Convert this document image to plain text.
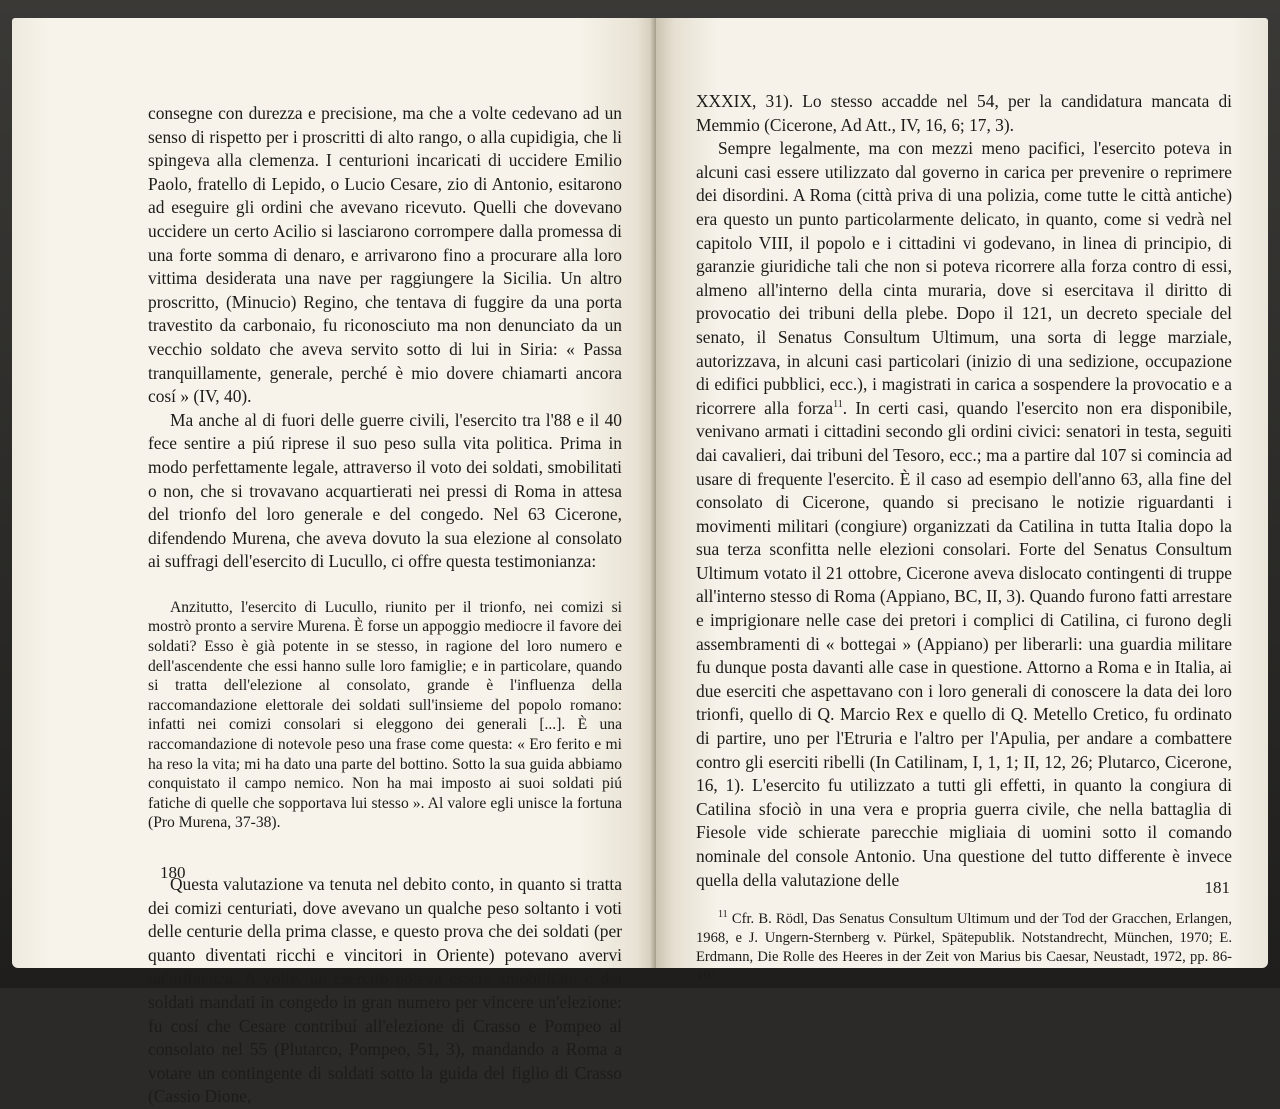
consegne con durezza e precisione, ma che a volte cedevano ad un senso di rispetto per i proscritti di alto rango, o alla cupidigia, che li spingeva alla clemenza. I centurioni incaricati di uccidere Emilio Paolo, fratello di Lepido, o Lucio Cesare, zio di Antonio, esitarono ad eseguire gli ordini che avevano ricevuto. Quelli che dovevano uccidere un certo Acilio si lasciarono corrompere dalla promessa di una forte somma di denaro, e arrivarono fino a procurare alla loro vittima desiderata una nave per raggiungere la Sicilia. Un altro proscritto, (Minucio) Regino, che tentava di fuggire da una porta travestito da carbonaio, fu riconosciuto ma non denunciato da un vecchio soldato che aveva servito sotto di lui in Siria: « Passa tranquillamente, generale, perché è mio dovere chiamarti ancora cosí » (IV, 40).

Ma anche al di fuori delle guerre civili, l'esercito tra l'88 e il 40 fece sentire a piú riprese il suo peso sulla vita politica. Prima in modo perfettamente legale, attraverso il voto dei soldati, smobilitati o non, che si trovavano acquartierati nei pressi di Roma in attesa del trionfo del loro generale e del congedo. Nel 63 Cicerone, difendendo Murena, che aveva dovuto la sua elezione al consolato ai suffragi dell'esercito di Lucullo, ci offre questa testimonianza:

Anzitutto, l'esercito di Lucullo, riunito per il trionfo, nei comizi si mostrò pronto a servire Murena. È forse un appoggio mediocre il favore dei soldati? Esso è già potente in se stesso, in ragione del loro numero e dell'ascendente che essi hanno sulle loro famiglie; e in particolare, quando si tratta dell'elezione al consolato, grande è l'influenza della raccomandazione elettorale dei soldati sull'insieme del popolo romano: infatti nei comizi consolari si eleggono dei generali [...]. È una raccomandazione di notevole peso una frase come questa: « Ero ferito e mi ha reso la vita; mi ha dato una parte del bottino. Sotto la sua guida abbiamo conquistato il campo nemico. Non ha mai imposto ai suoi soldati piú fatiche di quelle che sopportava lui stesso ». Al valore egli unisce la fortuna (Pro Murena, 37-38).

Questa valutazione va tenuta nel debito conto, in quanto si tratta dei comizi centuriati, dove avevano un qualche peso soltanto i voti delle centurie della prima classe, e questo prova che dei soldati (per quanto diventati ricchi e vincitori in Oriente) potevano avervi un'influenza. A volte, un esercito poteva essere smobilitato o dei soldati mandati in congedo in gran numero per vincere un'elezione: fu cosí che Cesare contribuí all'elezione di Crasso e Pompeo al consolato nel 55 (Plutarco, Pompeo, 51, 3), mandando a Roma a votare un contingente di soldati sotto la guida del figlio di Crasso (Cassio Dione,

180

XXXIX, 31). Lo stesso accadde nel 54, per la candidatura mancata di Memmio (Cicerone, Ad Att., IV, 16, 6; 17, 3).

Sempre legalmente, ma con mezzi meno pacifici, l'esercito poteva in alcuni casi essere utilizzato dal governo in carica per prevenire o reprimere dei disordini. A Roma (città priva di una polizia, come tutte le città antiche) era questo un punto particolarmente delicato, in quanto, come si vedrà nel capitolo VIII, il popolo e i cittadini vi godevano, in linea di principio, di garanzie giuridiche tali che non si poteva ricorrere alla forza contro di essi, almeno all'interno della cinta muraria, dove si esercitava il diritto di provocatio dei tribuni della plebe. Dopo il 121, un decreto speciale del senato, il Senatus Consultum Ultimum, una sorta di legge marziale, autorizzava, in alcuni casi particolari (inizio di una sedizione, occupazione di edifici pubblici, ecc.), i magistrati in carica a sospendere la provocatio e a ricorrere alla forza$^{11}$. In certi casi, quando l'esercito non era disponibile, venivano armati i cittadini secondo gli ordini civici: senatori in testa, seguiti dai cavalieri, dai tribuni del Tesoro, ecc.; ma a partire dal 107 si comincia ad usare di frequente l'esercito. È il caso ad esempio dell'anno 63, alla fine del consolato di Cicerone, quando si precisano le notizie riguardanti i movimenti militari (congiure) organizzati da Catilina in tutta Italia dopo la sua terza sconfitta nelle elezioni consolari. Forte del Senatus Consultum Ultimum votato il 21 ottobre, Cicerone aveva dislocato contingenti di truppe all'interno stesso di Roma (Appiano, BC, II, 3). Quando furono fatti arrestare e imprigionare nelle case dei pretori i complici di Catilina, ci furono degli assembramenti di « bottegai » (Appiano) per liberarli: una guardia militare fu dunque posta davanti alle case in questione. Attorno a Roma e in Italia, ai due eserciti che aspettavano con i loro generali di conoscere la data dei loro trionfi, quello di Q. Marcio Rex e quello di Q. Metello Cretico, fu ordinato di partire, uno per l'Etruria e l'altro per l'Apulia, per andare a combattere contro gli eserciti ribelli (In Catilinam, I, 1, 1; II, 12, 26; Plutarco, Cicerone, 16, 1). L'esercito fu utilizzato a tutti gli effetti, in quanto la congiura di Catilina sfociò in una vera e propria guerra civile, che nella battaglia di Fiesole vide schierate parecchie migliaia di uomini sotto il comando nominale del console Antonio. Una questione del tutto differente è invece quella della valutazione delle

$^{11}$ Cfr. B. Rödl, Das Senatus Consultum Ultimum und der Tod der Gracchen, Erlangen, 1968, e J. Ungern-Sternberg v. Pürkel, Spätepublik. Notstandrecht, München, 1970; E. Erdmann, Die Rolle des Heeres in der Zeit von Marius bis Caesar, Neustadt, 1972, pp. 86-101.

181
